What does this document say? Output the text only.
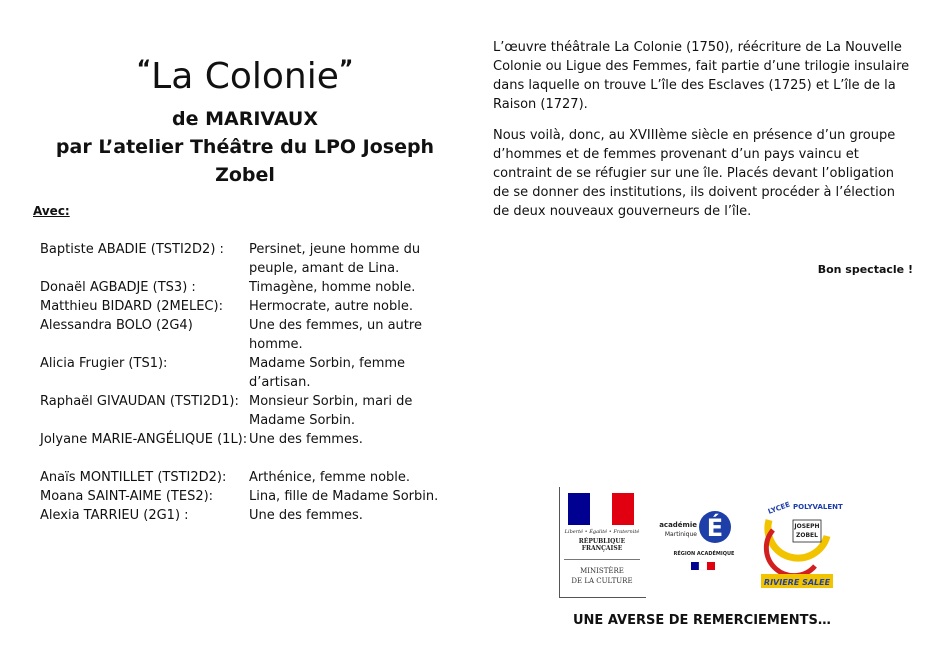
“La Colonie”
de MARIVAUX
par L’atelier Théâtre du LPO Joseph
Zobel
Avec:
Baptiste ABADIE (TSTI2D2) :	Persinet, jeune homme du peuple, amant de Lina.
Donaël AGBADJE (TS3) :	Timagène, homme noble.
Matthieu BIDARD (2MELEC):	Hermocrate, autre noble.
Alessandra BOLO (2G4)	Une des femmes, un autre homme.
Alicia Frugier (TS1):	Madame Sorbin, femme d’artisan.
Raphaël GIVAUDAN (TSTI2D1): Monsieur Sorbin, mari de Madame Sorbin.
Jolyane MARIE-ANGÉLIQUE (1L): Une des femmes.
Anaïs MONTILLET (TSTI2D2):	Arthénice, femme noble.
Moana SAINT-AIME (TES2):	Lina, fille de Madame Sorbin.
Alexia TARRIEU (2G1) :	Une des femmes.

L’œuvre théâtrale La Colonie (1750), réécriture de La Nouvelle Colonie ou Ligue des Femmes, fait partie d’une trilogie insulaire dans laquelle on trouve L’île des Esclaves (1725) et L’île de la Raison (1727).

Nous voilà, donc, au XVIIIème siècle en présence d’un groupe d’hommes et de femmes provenant d’un pays vaincu et contraint de se réfugier sur une île. Placés devant l’obligation de se donner des institutions, ils doivent procéder à l’élection de deux nouveaux gouverneurs de l’île.

Bon spectacle !
Liberté • Égalité • Fraternité
RÉPUBLIQUE FRANÇAISE
MINISTÈRE
DE LA CULTURE
académie
Martinique É
RÉGION ACADÉMIQUE
LYCEE POLYVALENT
JOSEPH
ZOBEL
RIVIERE SALEE
UNE AVERSE DE REMERCIEMENTS…
